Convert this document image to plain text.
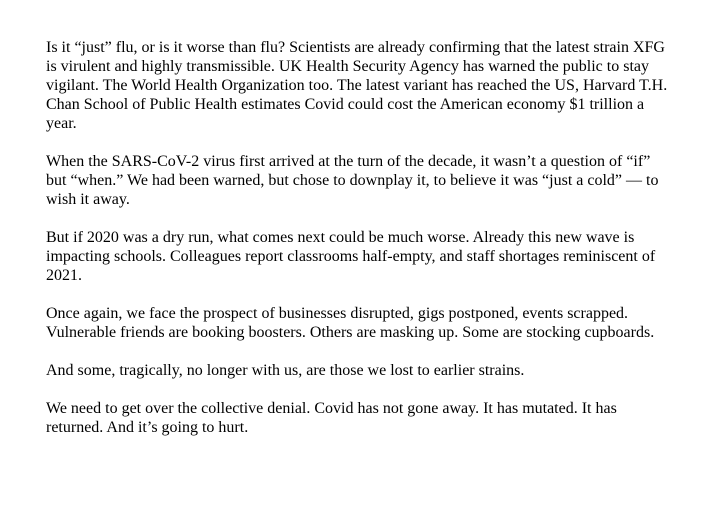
Is it “just” flu, or is it worse than flu? Scientists are already confirming that the latest strain XFG is virulent and highly transmissible. UK Health Security Agency has warned the public to stay vigilant. The World Health Organization too. The latest variant has reached the US, Harvard T.H. Chan School of Public Health estimates Covid could cost the American economy $1 trillion a year.

When the SARS-CoV-2 virus first arrived at the turn of the decade, it wasn’t a question of “if” but “when.” We had been warned, but chose to downplay it, to believe it was “just a cold” — to wish it away.

But if 2020 was a dry run, what comes next could be much worse. Already this new wave is impacting schools. Colleagues report classrooms half-empty, and staff shortages reminiscent of 2021.

Once again, we face the prospect of businesses disrupted, gigs postponed, events scrapped. Vulnerable friends are booking boosters. Others are masking up. Some are stocking cupboards.

And some, tragically, no longer with us, are those we lost to earlier strains.

We need to get over the collective denial. Covid has not gone away. It has mutated. It has returned. And it’s going to hurt.
